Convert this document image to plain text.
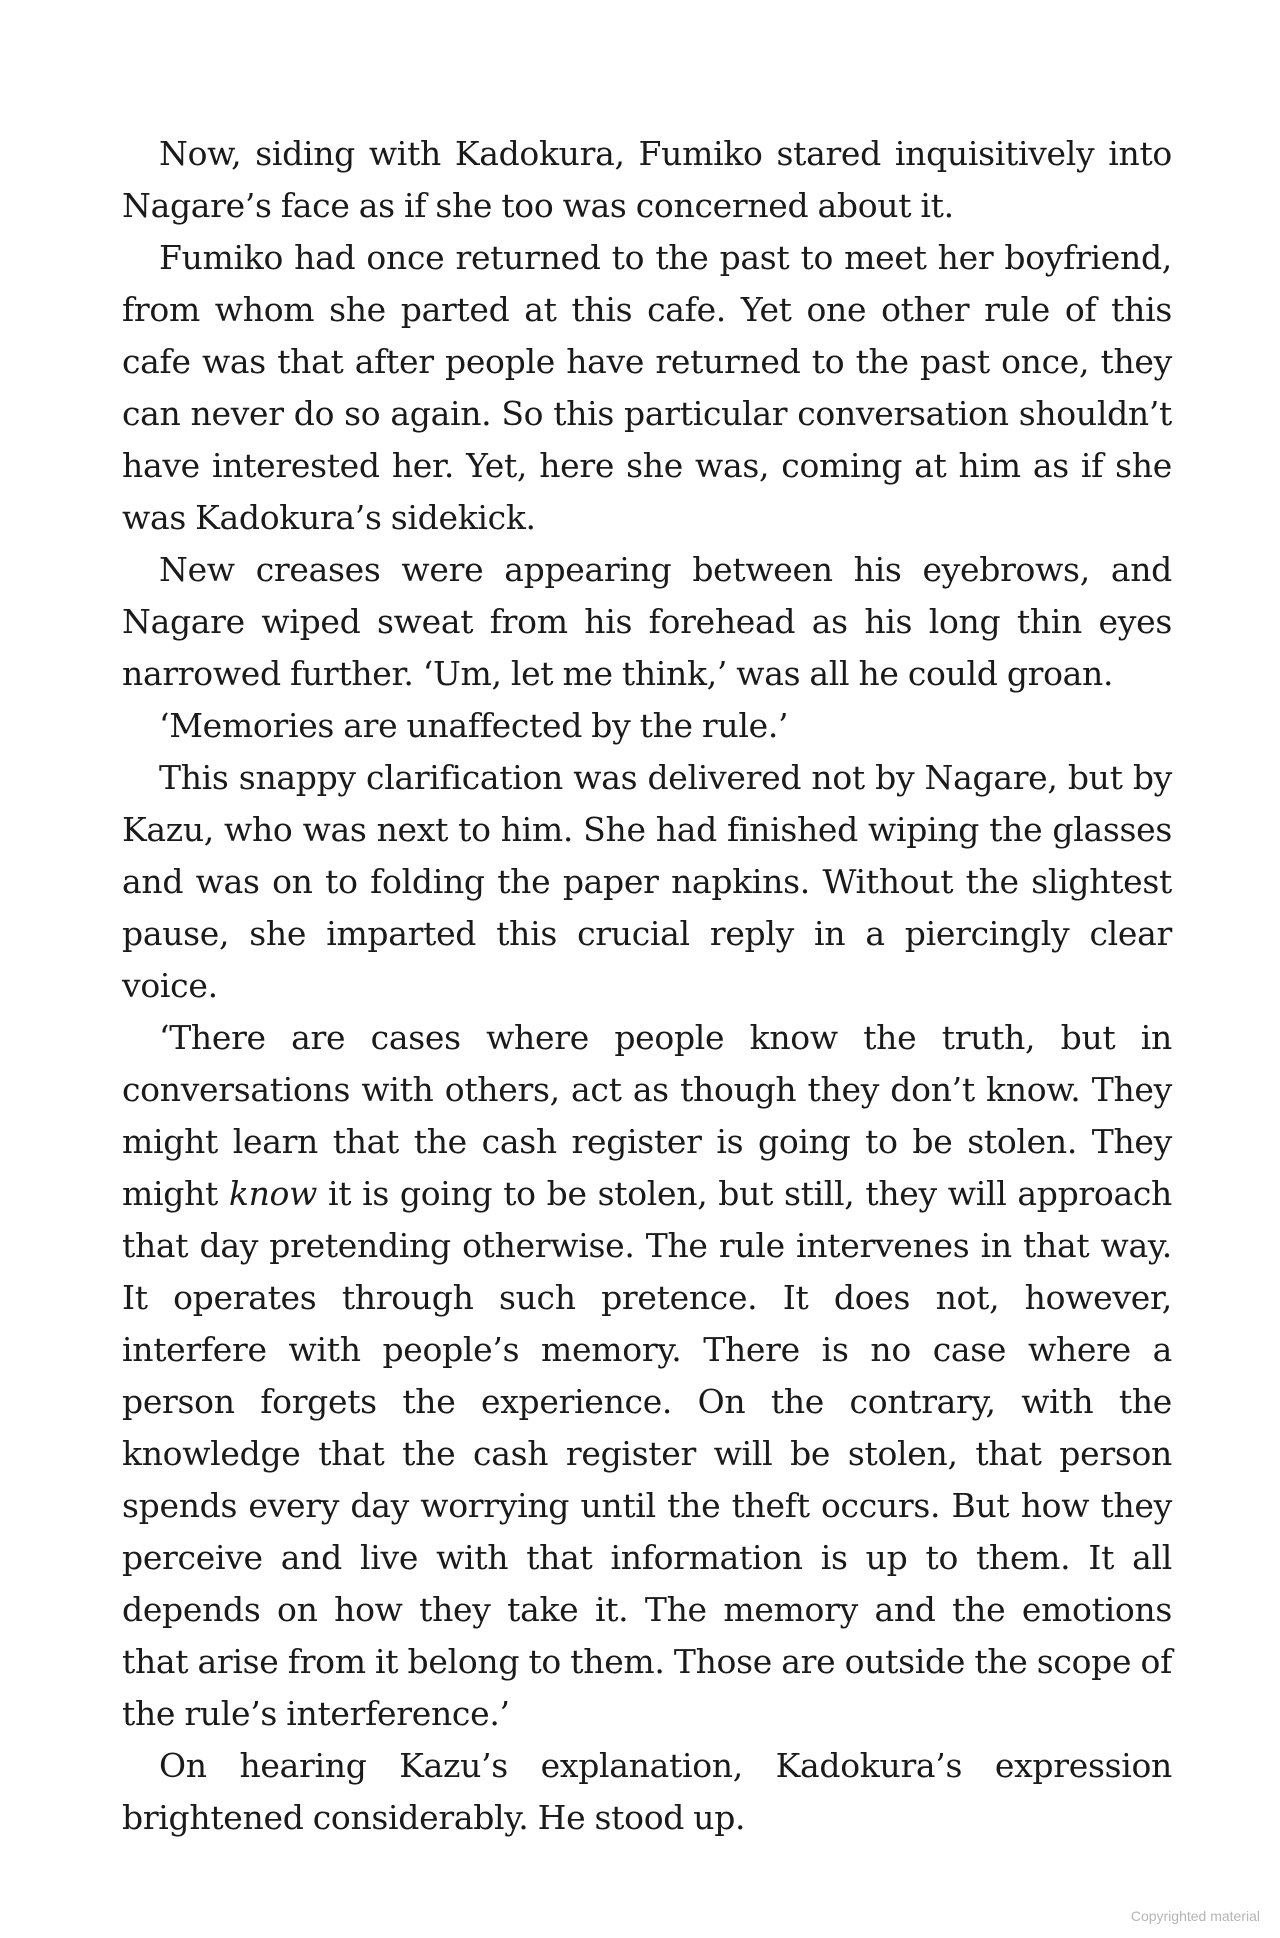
Now, siding with Kadokura, Fumiko stared inquisitively into Nagare’s face as if she too was concerned about it.

Fumiko had once returned to the past to meet her boyfriend, from whom she parted at this cafe. Yet one other rule of this cafe was that after people have returned to the past once, they can never do so again. So this particular conversation shouldn’t have interested her. Yet, here she was, coming at him as if she was Kadokura’s sidekick.

New creases were appearing between his eyebrows, and Nagare wiped sweat from his forehead as his long thin eyes narrowed further. ‘Um, let me think,’ was all he could groan.

‘Memories are unaffected by the rule.’

This snappy clarification was delivered not by Nagare, but by Kazu, who was next to him. She had finished wiping the glasses and was on to folding the paper napkins. Without the slightest pause, she imparted this crucial reply in a piercingly clear voice.

‘There are cases where people know the truth, but in conversations with others, act as though they don’t know. They might learn that the cash register is going to be stolen. They might know it is going to be stolen, but still, they will approach that day pretending otherwise. The rule intervenes in that way. It operates through such pretence. It does not, however, interfere with people’s memory. There is no case where a person forgets the experience. On the contrary, with the knowledge that the cash register will be stolen, that person spends every day worrying until the theft occurs. But how they perceive and live with that information is up to them. It all depends on how they take it. The memory and the emotions that arise from it belong to them. Those are outside the scope of the rule’s interference.’

On hearing Kazu’s explanation, Kadokura’s expression brightened considerably. He stood up.

Copyrighted material
